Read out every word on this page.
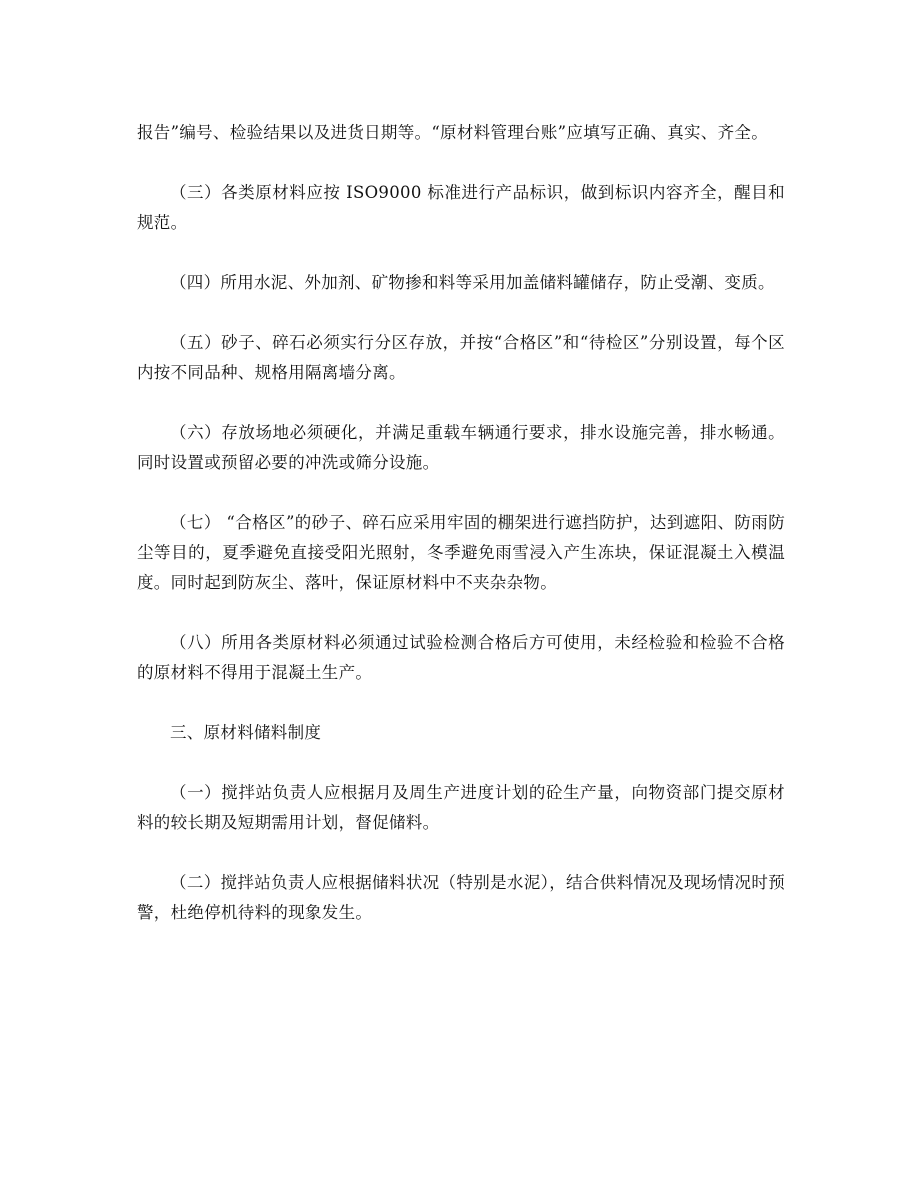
报告”编号、检验结果以及进货日期等。“原材料管理台账”应填写正确、真实、齐全。

（三）各类原材料应按 ISO9000 标准进行产品标识，做到标识内容齐全，醒目和规范。

（四）所用水泥、外加剂、矿物掺和料等采用加盖储料罐储存，防止受潮、变质。

（五）砂子、碎石必须实行分区存放，并按“合格区”和“待检区”分别设置，每个区内按不同品种、规格用隔离墙分离。

（六）存放场地必须硬化，并满足重载车辆通行要求，排水设施完善，排水畅通。同时设置或预留必要的冲洗或筛分设施。

（七） “合格区”的砂子、碎石应采用牢固的棚架进行遮挡防护，达到遮阳、防雨防尘等目的，夏季避免直接受阳光照射，冬季避免雨雪浸入产生冻块，保证混凝土入模温度。同时起到防灰尘、落叶，保证原材料中不夹杂杂物。

（八）所用各类原材料必须通过试验检测合格后方可使用，未经检验和检验不合格的原材料不得用于混凝土生产。

三、原材料储料制度

（一）搅拌站负责人应根据月及周生产进度计划的砼生产量，向物资部门提交原材料的较长期及短期需用计划，督促储料。

（二）搅拌站负责人应根据储料状况（特别是水泥），结合供料情况及现场情况时预警，杜绝停机待料的现象发生。
